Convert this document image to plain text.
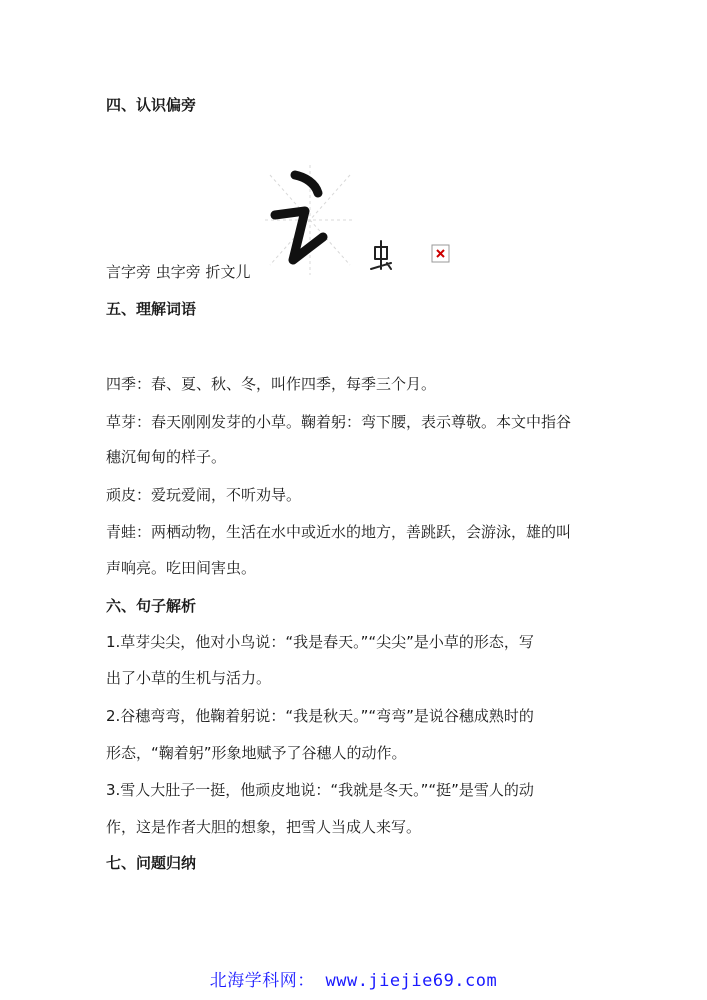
四、认识偏旁
言字旁 虫字旁 折文儿
五、理解词语
四季：春、夏、秋、冬，叫作四季，每季三个月。
草芽：春天刚刚发芽的小草。鞠着躬：弯下腰，表示尊敬。本文中指谷
穗沉甸甸的样子。
顽皮：爱玩爱闹，不听劝导。
青蛙：两栖动物，生活在水中或近水的地方，善跳跃，会游泳，雄的叫
声响亮。吃田间害虫。
六、句子解析
1.草芽尖尖，他对小鸟说：“我是春天。”“尖尖”是小草的形态，写
出了小草的生机与活力。
2.谷穗弯弯，他鞠着躬说：“我是秋天。”“弯弯”是说谷穗成熟时的
形态，“鞠着躬”形象地赋予了谷穗人的动作。
3.雪人大肚子一挺，他顽皮地说：“我就是冬天。”“挺”是雪人的动
作，这是作者大胆的想象，把雪人当成人来写。
七、问题归纳
北海学科网： www.jiejie69.com
